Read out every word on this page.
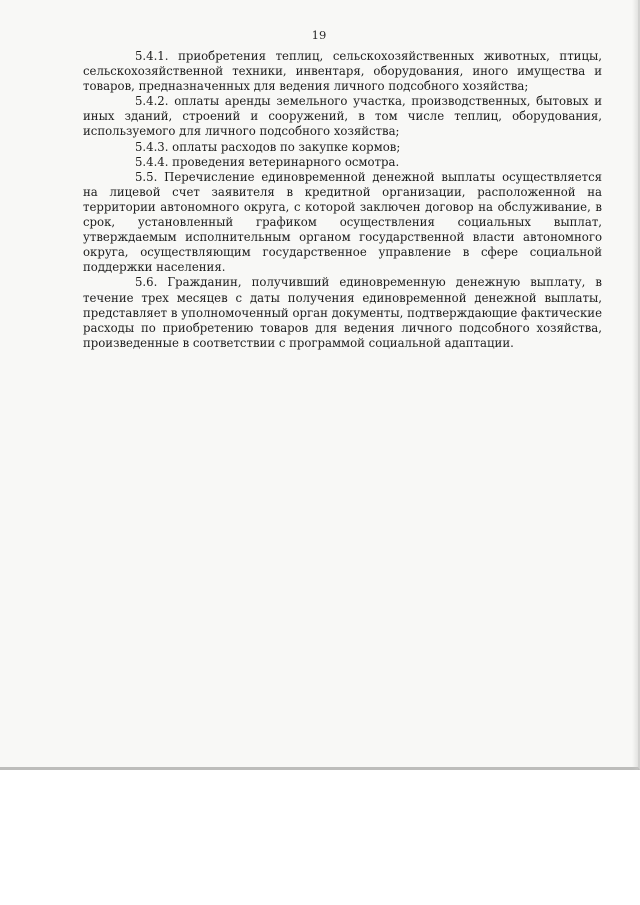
19

5.4.1. приобретения теплиц, сельскохозяйственных животных, птицы, сельскохозяйственной техники, инвентаря, оборудования, иного имущества и товаров, предназначенных для ведения личного подсобного хозяйства;

5.4.2. оплаты аренды земельного участка, производственных, бытовых и иных зданий, строений и сооружений, в том числе теплиц, оборудования, используемого для личного подсобного хозяйства;

5.4.3. оплаты расходов по закупке кормов;

5.4.4. проведения ветеринарного осмотра.

5.5. Перечисление единовременной денежной выплаты осуществляется на лицевой счет заявителя в кредитной организации, расположенной на территории автономного округа, с которой заключен договор на обслуживание, в срок, установленный графиком осуществления социальных выплат, утверждаемым исполнительным органом государственной власти автономного округа, осуществляющим государственное управление в сфере социальной поддержки населения.

5.6. Гражданин, получивший единовременную денежную выплату, в течение трех месяцев с даты получения единовременной денежной выплаты, представляет в уполномоченный орган документы, подтверждающие фактические расходы по приобретению товаров для ведения личного подсобного хозяйства, произведенные в соответствии с программой социальной адаптации.
